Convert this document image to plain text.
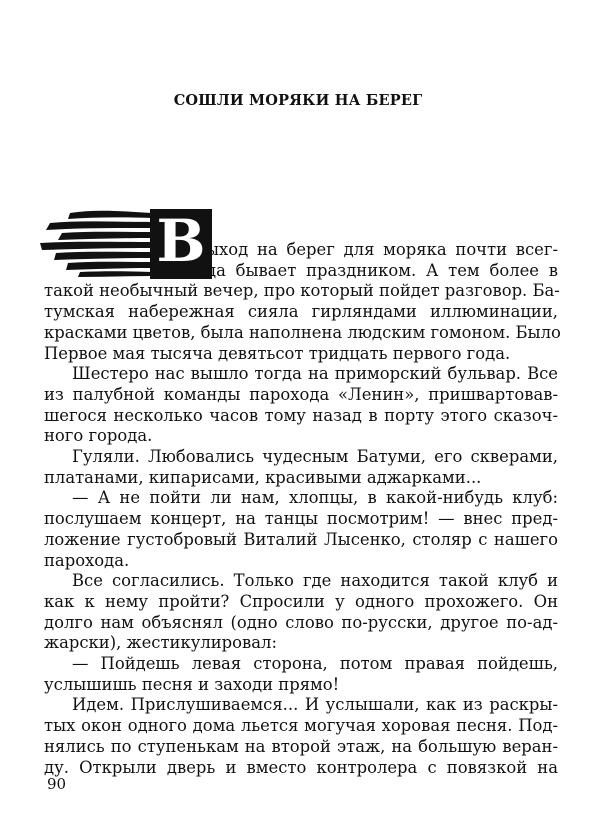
СОШЛИ МОРЯКИ НА БЕРЕГ
В ыход на берег для моряка почти всег-
да бывает праздником. А тем более в
такой необычный вечер, про который пойдет разговор. Ба-
тумская набережная сияла гирляндами иллюминации,
красками цветов, была наполнена людским гомоном. Было
Первое мая тысяча девятьсот тридцать первого года.
Шестеро нас вышло тогда на приморский бульвар. Все
из палубной команды парохода «Ленин», пришвартовав-
шегося несколько часов тому назад в порту этого сказоч-
ного города.
Гуляли. Любовались чудесным Батуми, его скверами,
платанами, кипарисами, красивыми аджарками...
— А не пойти ли нам, хлопцы, в какой-нибудь клуб:
послушаем концерт, на танцы посмотрим! — внес пред-
ложение густобровый Виталий Лысенко, столяр с нашего
парохода.
Все согласились. Только где находится такой клуб и
как к нему пройти? Спросили у одного прохожего. Он
долго нам объяснял (одно слово по-русски, другое по-ад-
жарски), жестикулировал:
— Пойдешь левая сторона, потом правая пойдешь,
услышишь песня и заходи прямо!
Идем. Прислушиваемся... И услышали, как из раскры-
тых окон одного дома льется могучая хоровая песня. Под-
нялись по ступенькам на второй этаж, на большую веран-
ду. Открыли дверь и вместо контролера с повязкой на
90
